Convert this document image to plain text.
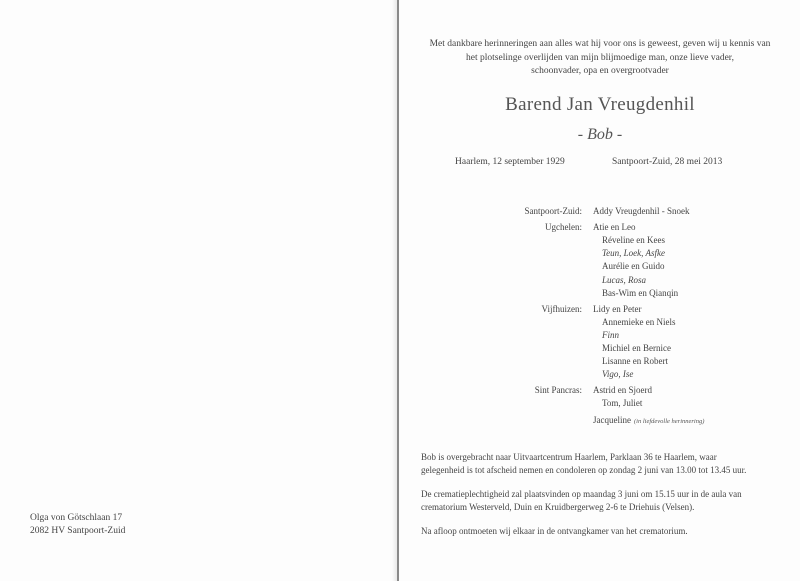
Olga von Götschlaan 17
2082 HV Santpoort-Zuid
Met dankbare herinneringen aan alles wat hij voor ons is geweest, geven wij u kennis van
het plotselinge overlijden van mijn blijmoedige man, onze lieve vader,
schoonvader, opa en overgrootvader
Barend Jan Vreugdenhil
- Bob -
Haarlem, 12 september 1929	Santpoort-Zuid, 28 mei 2013
Santpoort-Zuid: Addy Vreugdenhil - Snoek
Ugchelen: Atie en Leo
Réveline en Kees
Teun, Loek, Asfke
Aurélie en Guido
Lucas, Rosa
Bas-Wim en Qianqin
Vijfhuizen: Lidy en Peter
Annemieke en Niels
Finn
Michiel en Bernice
Lisanne en Robert
Vigo, Ise
Sint Pancras: Astrid en Sjoerd
Tom, Juliet
Jacqueline (in liefdevolle herinnering)
Bob is overgebracht naar Uitvaartcentrum Haarlem, Parklaan 36 te Haarlem, waar
gelegenheid is tot afscheid nemen en condoleren op zondag 2 juni van 13.00 tot 13.45 uur.
De crematieplechtigheid zal plaatsvinden op maandag 3 juni om 15.15 uur in de aula van
crematorium Westerveld, Duin en Kruidbergerweg 2-6 te Driehuis (Velsen).
Na afloop ontmoeten wij elkaar in de ontvangkamer van het crematorium.
